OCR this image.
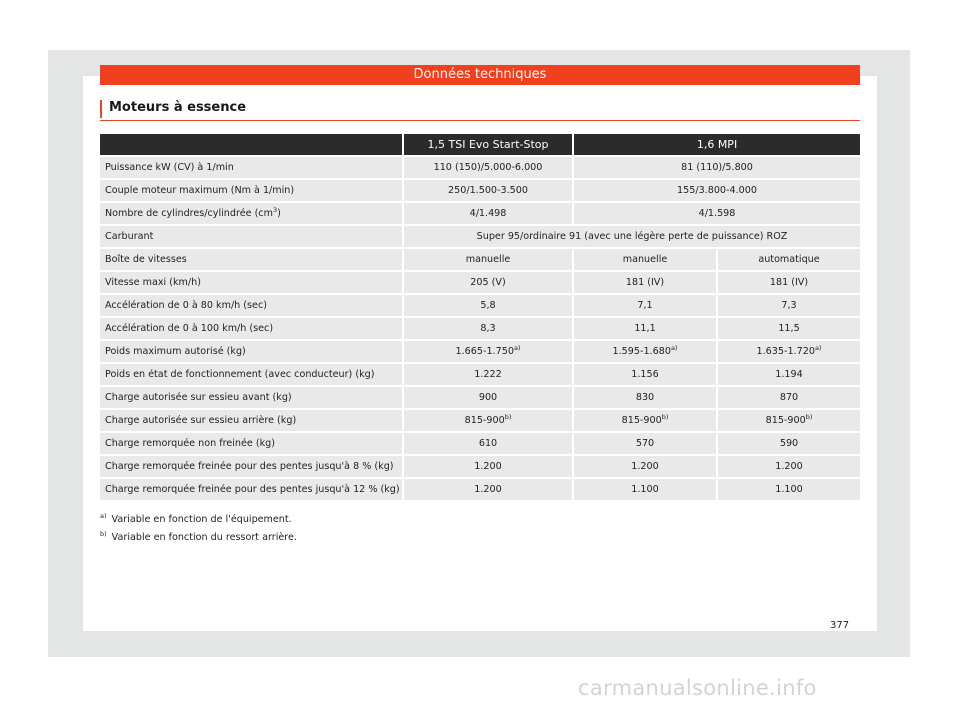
Données techniques
Moteurs à essence
	1,5 TSI Evo Start-Stop	1,6 MPI	
Puissance kW (CV) à 1/min	110 (150)/5.000-6.000	81 (110)/5.800	
Couple moteur maximum (Nm à 1/min)	250/1.500-3.500	155/3.800-4.000	
Nombre de cylindres/cylindrée $(cm^3)$	4/1.498	4/1.598	
Carburant	Super 95/ordinaire 91 (avec une légère perte de puissance) ROZ		
Boîte de vitesses	manuelle	manuelle	automatique
Vitesse maxi (km/h)	205 (V)	181 (IV)	181 (IV)
Accélération de 0 à 80 km/h (sec)	5,8	7,1	7,3
Accélération de 0 à 100 km/h (sec)	8,3	11,1	11,5
Poids maximum autorisé (kg)	1.665-1.750$^{a)}$	1.595-1.680$^{a)}$	1.635-1.720$^{a)}$
Poids en état de fonctionnement (avec conducteur) (kg)	1.222	1.156	1.194
Charge autorisée sur essieu avant (kg)	900	830	870
Charge autorisée sur essieu arrière (kg)	815-900$^{b)}$	815-900$^{b)}$	815-900$^{b)}$
Charge remorquée non freinée (kg)	610	570	590
Charge remorquée freinée pour des pentes jusqu'à 8 % (kg)	1.200	1.200	1.200
Charge remorquée freinée pour des pentes jusqu'à 12 % (kg)	1.200	1.100	1.100
$^{a)}$ Variable en fonction de l'équipement.
$^{b)}$ Variable en fonction du ressort arrière.
377
carmanualsonline.info
